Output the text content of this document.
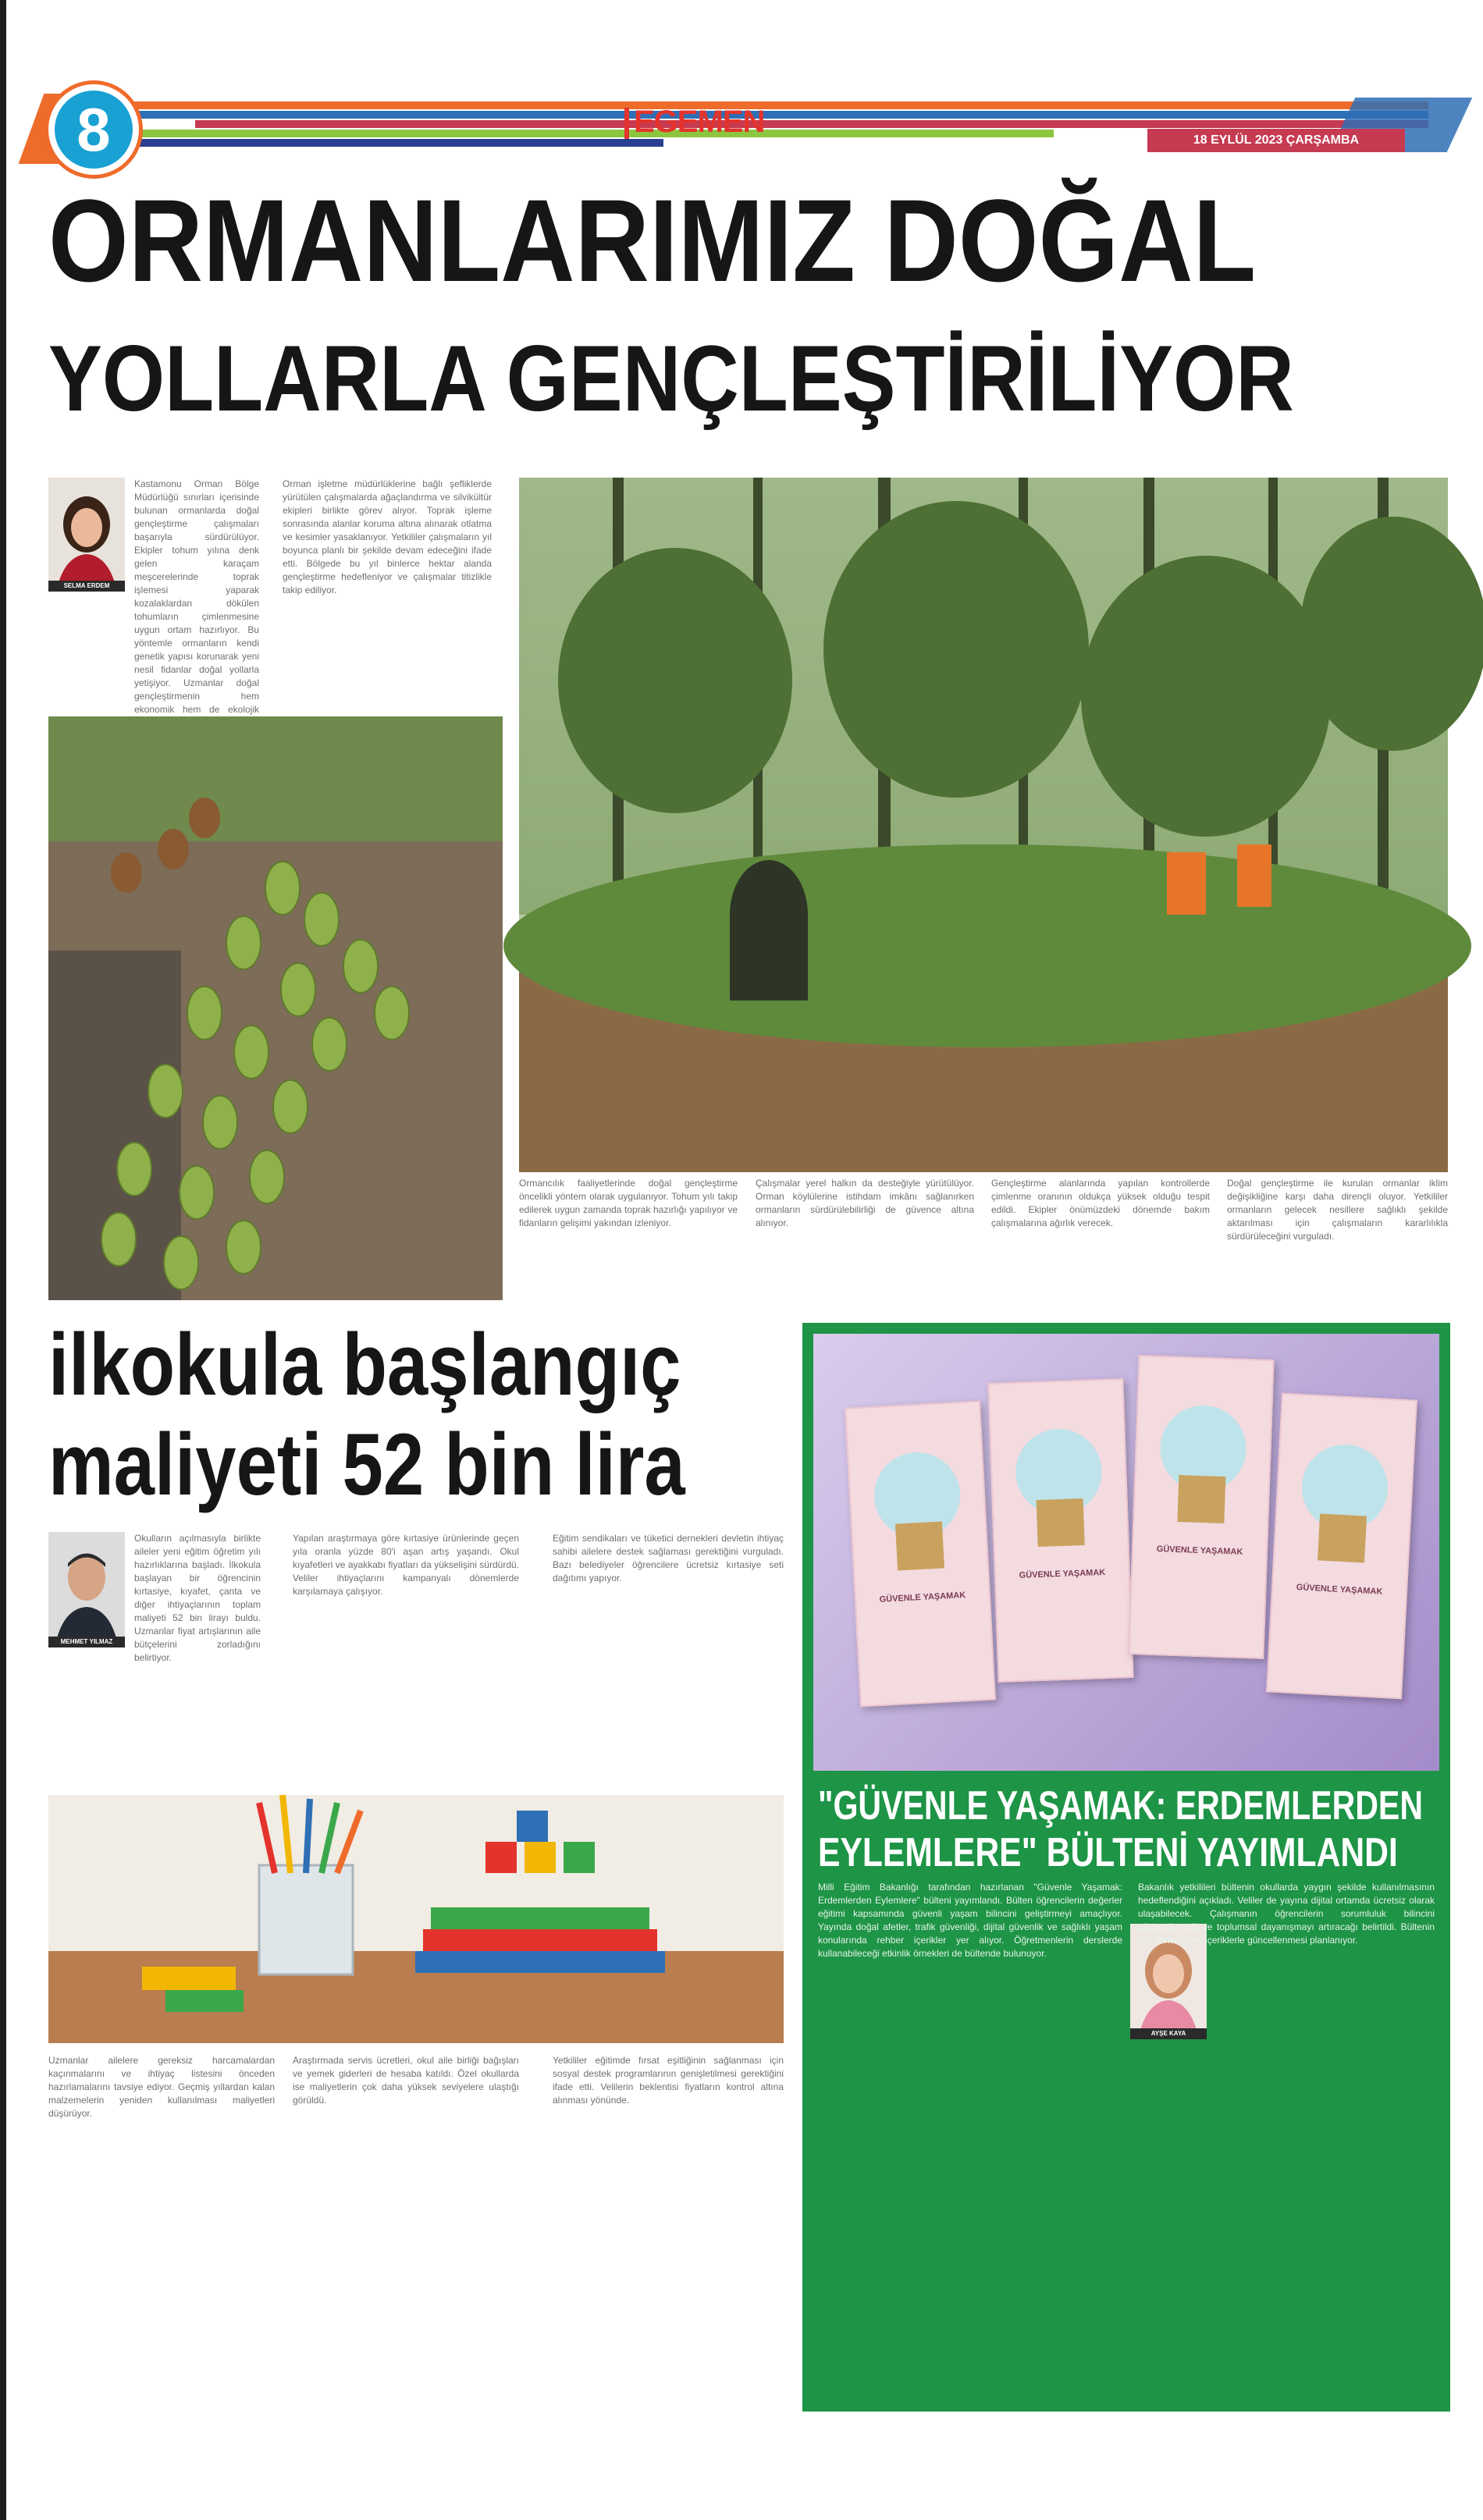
8	EGEMEN
18 EYLÜL 2023 ÇARŞAMBA
ORMANLARIMIZ DOĞAL
YOLLARLA GENÇLEŞTİRİLİYOR
SELMA ERDEM
Kastamonu Orman Bölge Müdürlüğü sınırları içerisinde bulunan ormanlarda doğal gençleştirme çalışmaları başarıyla sürdürülüyor. Ekipler tohum yılına denk gelen karaçam meşcerelerinde toprak işlemesi yaparak kozalaklardan dökülen tohumların çimlenmesine uygun ortam hazırlıyor. Bu yöntemle ormanların kendi genetik yapısı korunarak yeni nesil fidanlar doğal yollarla yetişiyor. Uzmanlar doğal gençleştirmenin hem ekonomik hem de ekolojik
Orman işletme müdürlüklerine bağlı şefliklerde yürütülen çalışmalarda ağaçlandırma ve silvikültür ekipleri birlikte görev alıyor. Toprak işleme sonrasında alanlar koruma altına alınarak otlatma ve kesimler yasaklanıyor. Yetkililer çalışmaların yıl boyunca planlı bir şekilde devam edeceğini ifade etti. Bölgede bu yıl binlerce hektar alanda gençleştirme hedefleniyor ve çalışmalar titizlikle takip ediliyor.
Ormancılık faaliyetlerinde doğal gençleştirme öncelikli yöntem olarak uygulanıyor. Tohum yılı takip edilerek uygun zamanda toprak hazırlığı yapılıyor ve fidanların gelişimi yakından izleniyor.
Çalışmalar yerel halkın da desteğiyle yürütülüyor. Orman köylülerine istihdam imkânı sağlanırken ormanların sürdürülebilirliği de güvence altına alınıyor.
Gençleştirme alanlarında yapılan kontrollerde çimlenme oranının oldukça yüksek olduğu tespit edildi. Ekipler önümüzdeki dönemde bakım çalışmalarına ağırlık verecek.
Doğal gençleştirme ile kurulan ormanlar iklim değişikliğine karşı daha dirençli oluyor. Yetkililer ormanların gelecek nesillere sağlıklı şekilde aktarılması için çalışmaların kararlılıkla sürdürüleceğini vurguladı.
ilkokula başlangıç
maliyeti 52 bin lira
MEHMET YILMAZ
Okulların açılmasıyla birlikte aileler yeni eğitim öğretim yılı hazırlıklarına başladı. İlkokula başlayan bir öğrencinin kırtasiye, kıyafet, çanta ve diğer ihtiyaçlarının toplam maliyeti 52 bin lirayı buldu. Uzmanlar fiyat artışlarının aile bütçelerini zorladığını belirtiyor.
Yapılan araştırmaya göre kırtasiye ürünlerinde geçen yıla oranla yüzde 80'i aşan artış yaşandı. Okul kıyafetleri ve ayakkabı fiyatları da yükselişini sürdürdü. Veliler ihtiyaçlarını kampanyalı dönemlerde karşılamaya çalışıyor.
Eğitim sendikaları ve tüketici dernekleri devletin ihtiyaç sahibi ailelere destek sağlaması gerektiğini vurguladı. Bazı belediyeler öğrencilere ücretsiz kırtasiye seti dağıtımı yapıyor.
Uzmanlar ailelere gereksiz harcamalardan kaçınmalarını ve ihtiyaç listesini önceden hazırlamalarını tavsiye ediyor. Geçmiş yıllardan kalan malzemelerin yeniden kullanılması maliyetleri düşürüyor.
Araştırmada servis ücretleri, okul aile birliği bağışları ve yemek giderleri de hesaba katıldı. Özel okullarda ise maliyetlerin çok daha yüksek seviyelere ulaştığı görüldü.
Yetkililer eğitimde fırsat eşitliğinin sağlanması için sosyal destek programlarının genişletilmesi gerektiğini ifade etti. Velilerin beklentisi fiyatların kontrol altına alınması yönünde.
GÜVENLE YAŞAMAK
GÜVENLE YAŞAMAK
GÜVENLE YAŞAMAK
GÜVENLE YAŞAMAK
"GÜVENLE YAŞAMAK: ERDEMLERDEN
EYLEMLERE" BÜLTENİ YAYIMLANDI
Milli Eğitim Bakanlığı tarafından hazırlanan "Güvenle Yaşamak: Erdemlerden Eylemlere" bülteni yayımlandı. Bülten öğrencilerin değerler eğitimi kapsamında güvenli yaşam bilincini geliştirmeyi amaçlıyor. Yayında doğal afetler, trafik güvenliği, dijital güvenlik ve sağlıklı yaşam konularında rehber içerikler yer alıyor. Öğretmenlerin derslerde kullanabileceği etkinlik örnekleri de bültende bulunuyor.
AYŞE KAYA
Bakanlık yetkilileri bültenin okullarda yaygın şekilde kullanılmasının hedeflendiğini açıkladı. Veliler de yayına dijital ortamda ücretsiz olarak ulaşabilecek. Çalışmanın öğrencilerin sorumluluk bilincini güçlendireceği ve toplumsal dayanışmayı artıracağı belirtildi. Bültenin her dönem yeni içeriklerle güncellenmesi planlanıyor.
